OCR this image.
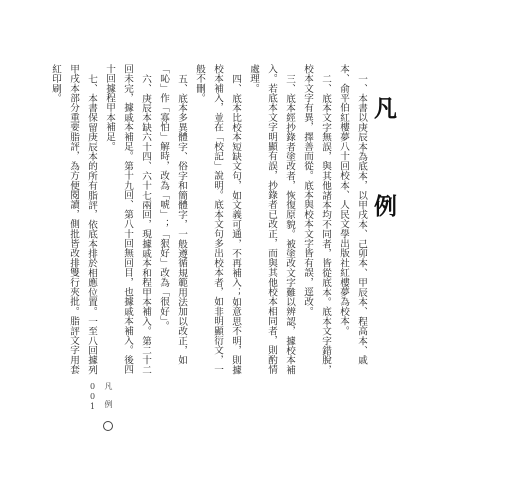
凡　例

一、本書以庚辰本為底本，以甲戌本、己卯本、甲辰本、程高本、戚本、俞平伯紅樓夢八十回校本、人民文學出版社紅樓夢為校本。

二、底本文字無誤，與其他諸本均不同者，皆從底本。底本文字錯脫，校本文字有異，擇善而從。底本與校本文字皆有誤，逕改。

三、底本經抄錄者塗改者，恢復原貌。被塗改文字難以辨認，據校本補入。若底本文字明顯有誤，抄錄者已改正，而與其他校本相同者，則酌情處理。

四、底本比校本短缺文句，如文義可通，不再補入；如意思不明，則據校本補入，並在「校記」說明。底本文句多出校本者，如非明顯衍文，一般不刪。

五、底本多異體字、俗字和簡體字，一般遵循規範用法加以改正，如「吣」作「寡怕」解時，改為「唬」；「狠好」改為「很好」。

六、庚辰本缺六十四、六十七兩回，現據戚本和程甲本補入。第二十二回未完，據戚本補足。第十九回、第八十回無回目，也據戚本補入。後四十回據程甲本補足。

七、本書保留庚辰本的所有脂評，依底本排於相應位置。一至八回據列甲戌本部分重要脂評，為方便閱讀，側批皆改排雙行夾批。脂評文字用套紅印刷。

凡　例  001
